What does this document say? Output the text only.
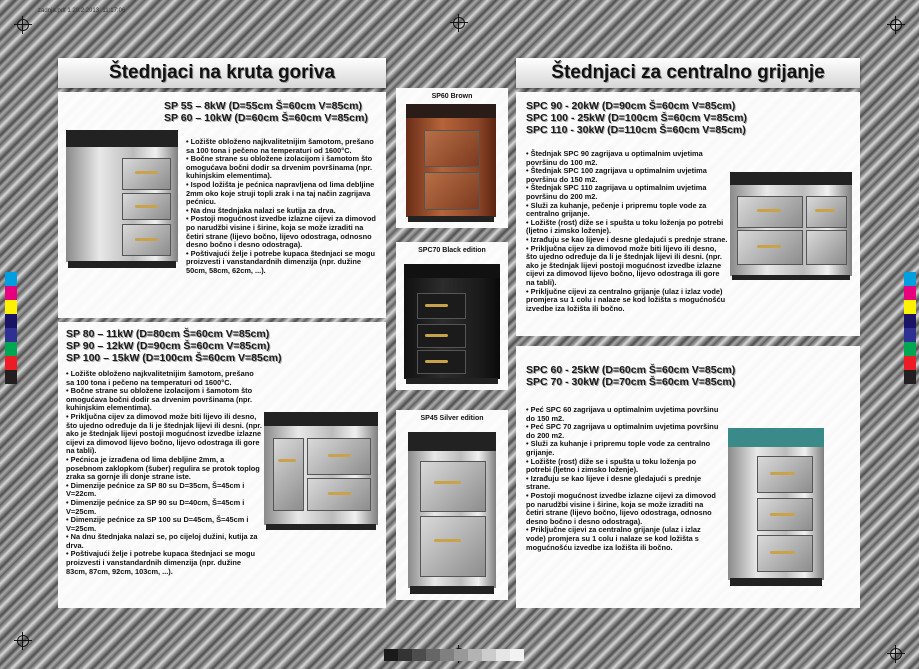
zadnja.pdf 1 20.2.2013. 11:17:06
Štednjaci na kruta goriva
SP 55 – 8kW (D=55cm Š=60cm V=85cm)
SP 60 – 10kW (D=60cm Š=60cm V=85cm)

• Ložište obloženo najkvalitetnijim šamotom, prešano sa 100 tona i pečeno na temperaturi od 1600°C.

• Bočne strane su obložene izolacijom i šamotom što omogućava bočni dodir sa drvenim površinama (npr. kuhinjskim elementima).

• Ispod ložišta je pećnica napravljena od lima debljine 2mm oko koje struji topli zrak i na taj način zagrijava pećnicu.

• Na dnu štednjaka nalazi se kutija za drva.

• Postoji mogućnost izvedbe izlazne cijevi za dimovod po narudžbi visine i širine, koja se može izraditi na četiri strane (lijevo bočno, lijevo odostraga, odnosno desno bočno i desno odostraga).

• Poštivajući želje i potrebe kupaca štednjaci se mogu proizvesti i vanstandardnih dimenzija (npr. dužine 50cm, 58cm, 62cm, ...).

SP 80 – 11kW (D=80cm Š=60cm V=85cm)
SP 90 – 12kW (D=90cm Š=60cm V=85cm)
SP 100 – 15kW (D=100cm Š=60cm V=85cm)

• Ložište obloženo najkvalitetnijim šamotom, prešano sa 100 tona i pečeno na temperaturi od 1600°C.

• Bočne strane su obložene izolacijom i šamotom što omogućava bočni dodir sa drvenim površinama (npr. kuhinjskim elementima).

• Priključna cijev za dimovod može biti lijevo ili desno, što ujedno određuje da li je štednjak lijevi ili desni. (npr. ako je štednjak lijevi postoji mogućnost izvedbe izlazne cijevi za dimovod lijevo bočno, lijevo odostraga ili gore na tabli).

• Pećnica je izrađena od lima debljine 2mm, a posebnom zaklopkom (šuber) regulira se protok toplog zraka sa gornje ili donje strane iste.

• Dimenzije pećnice za SP 80 su D=35cm, Š=45cm i V=22cm.

• Dimenzije pećnice za SP 90 su D=40cm, Š=45cm i V=25cm.

• Dimenzije pećnice za SP 100 su D=45cm, Š=45cm i V=25cm.

• Na dnu štednjaka nalazi se, po cijeloj dužini, kutija za drva.

• Poštivajući želje i potrebe kupaca štednjaci se mogu proizvesti i vanstandardnih dimenzija (npr. dužine 83cm, 87cm, 92cm, 103cm, ...).

SP60 Brown
SPC70 Black edition
SP45 Silver edition
Štednjaci za centralno grijanje
SPC 90 - 20kW (D=90cm Š=60cm V=85cm)
SPC 100 - 25kW (D=100cm Š=60cm V=85cm)
SPC 110 - 30kW (D=110cm Š=60cm V=85cm)

• Štednjak SPC 90 zagrijava u optimalnim uvjetima površinu do 100 m2.

• Štednjak SPC 100 zagrijava u optimalnim uvjetima površinu do 150 m2.

• Štednjak SPC 110 zagrijava u optimalnim uvjetima površinu do 200 m2.

• Služi za kuhanje, pečenje i pripremu tople vode za centralno grijanje.

• Ložište (rost) diže se i spušta u toku loženja po potrebi (ljetno i zimsko loženje).

• Izrađuju se kao lijeve i desne gledajući s prednje strane.

• Priključna cijev za dimovod može biti lijevo ili desno, što ujedno određuje da li je štednjak lijevi ili desni. (npr. ako je štednjak lijevi postoji mogućnost izvedbe izlazne cijevi za dimovod lijevo bočno, lijevo odostraga ili gore na tabli).

• Priključne cijevi za centralno grijanje (ulaz i izlaz vode) promjera su 1 colu i nalaze se kod ložišta s mogućnošću izvedbe iza ložišta ili bočno.

SPC 60 - 25kW (D=60cm Š=60cm V=85cm)
SPC 70 - 30kW (D=70cm Š=60cm V=85cm)

• Peć SPC 60 zagrijava u optimalnim uvjetima površinu do 150 m2.

• Peć SPC 70 zagrijava u optimalnim uvjetima površinu do 200 m2.

• Služi za kuhanje i pripremu tople vode za centralno grijanje.

• Ložište (rost) diže se i spušta u toku loženja po potrebi (ljetno i zimsko loženje).

• Izrađuju se kao lijeve i desne gledajući s prednje strane.

• Postoji mogućnost izvedbe izlazne cijevi za dimovod po narudžbi visine i širine, koja se može izraditi na četiri strane (lijevo bočno, lijevo odostraga, odnosno desno bočno i desno odostraga).

• Priključne cijevi za centralno grijanje (ulaz i izlaz vode) promjera su 1 colu i nalaze se kod ložišta s mogućnošću izvedbe iza ložišta ili bočno.
